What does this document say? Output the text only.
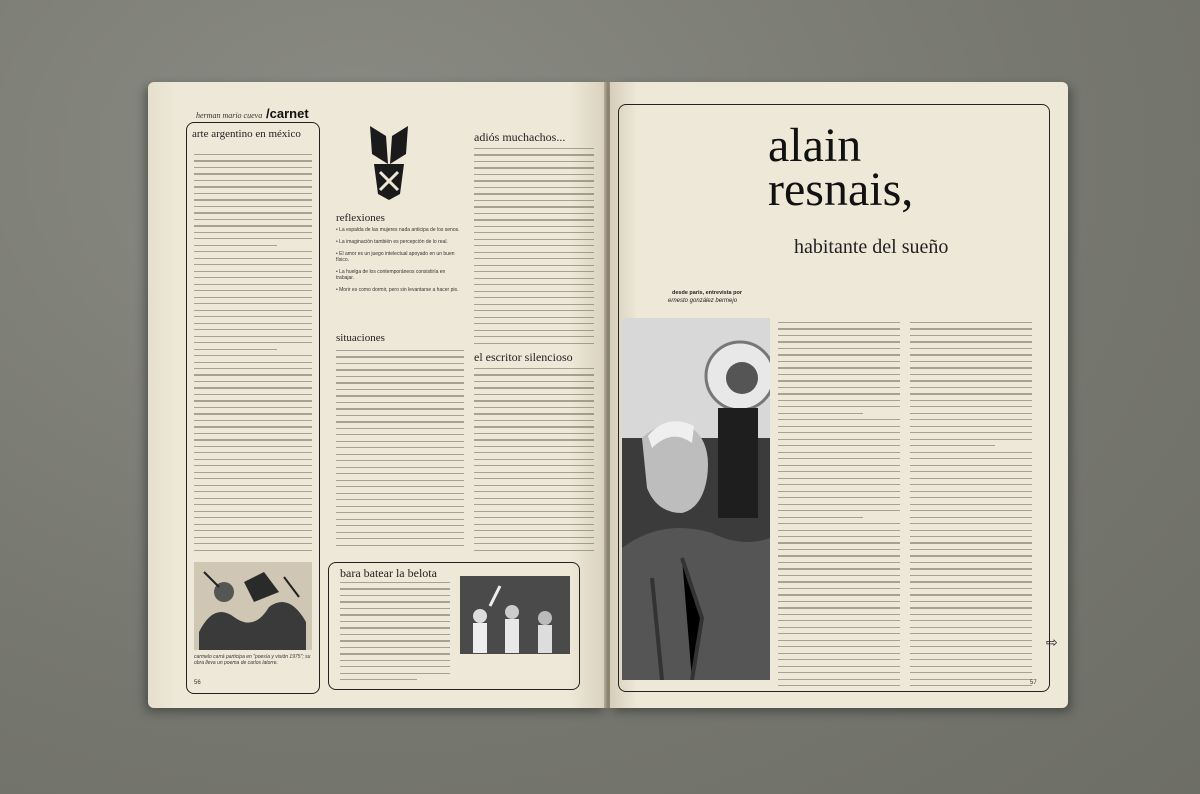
herman mario cueva /carnet
arte argentino en méxico
carmelo carrá participa en "poesía y visión 1975"; su obra lleva un poema de carlos latorre.
56
reflexiones
• La espalda de las mujeres nada anticipa de los senos.
• La imaginación también es percepción de lo real.
• El amor es un juego intelectual apoyado en un buen físico.
• La huelga de los contemporáneos consistiría en trabajar.
• Morir es como dormir, pero sin levantarse a hacer pis.
situaciones
adiós muchachos...
el escritor silencioso
bara batear la belota
alain
resnais,
habitante del sueño
desde paris, entrevista por
ernesto gonzález bermejo
⇨
57
